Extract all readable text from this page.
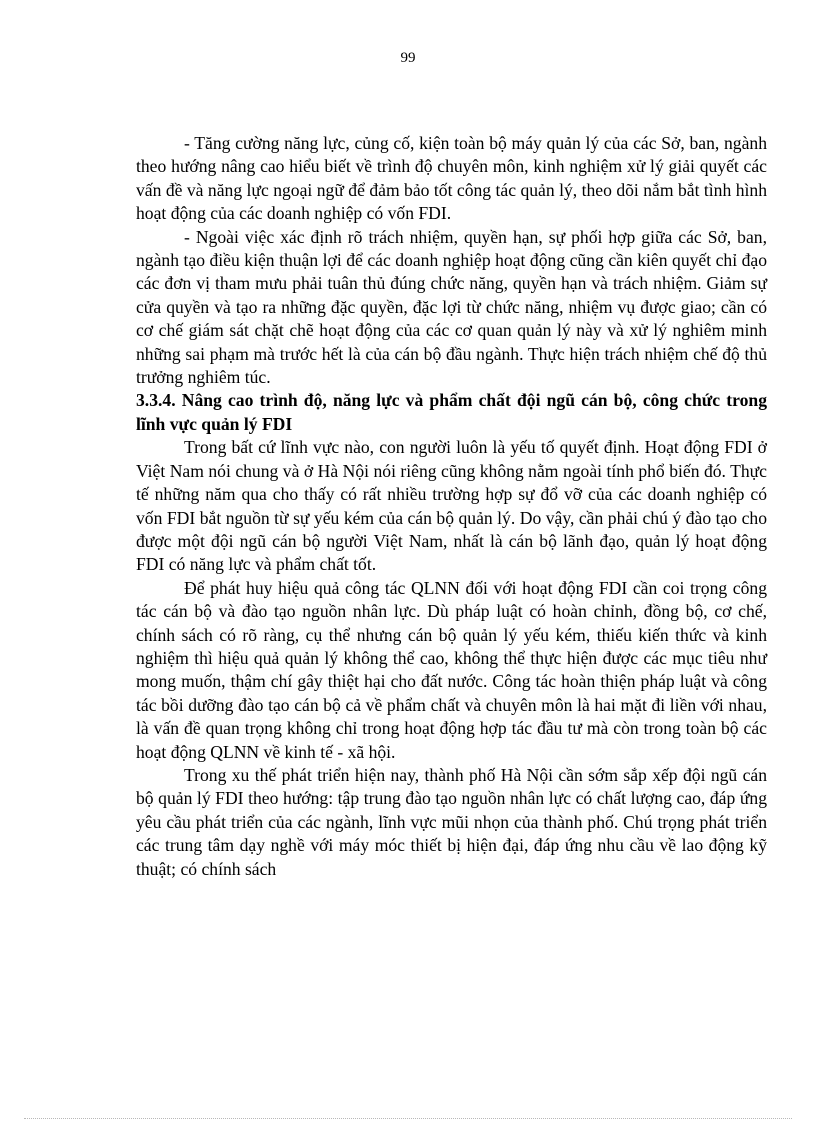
99

- Tăng cường năng lực, củng cố, kiện toàn bộ máy quản lý của các Sở, ban, ngành theo hướng nâng cao hiểu biết về trình độ chuyên môn, kinh nghiệm xử lý giải quyết các vấn đề và năng lực ngoại ngữ để đảm bảo tốt công tác quản lý, theo dõi nắm bắt tình hình hoạt động của các doanh nghiệp có vốn FDI.

- Ngoài việc xác định rõ trách nhiệm, quyền hạn, sự phối hợp giữa các Sở, ban, ngành tạo điều kiện thuận lợi để các doanh nghiệp hoạt động cũng cần kiên quyết chỉ đạo các đơn vị tham mưu phải tuân thủ đúng chức năng, quyền hạn và trách nhiệm. Giảm sự cửa quyền và tạo ra những đặc quyền, đặc lợi từ chức năng, nhiệm vụ được giao; cần có cơ chế giám sát chặt chẽ hoạt động của các cơ quan quản lý này và xử lý nghiêm minh những sai phạm mà trước hết là của cán bộ đầu ngành. Thực hiện trách nhiệm chế độ thủ trưởng nghiêm túc.

3.3.4. Nâng cao trình độ, năng lực và phẩm chất đội ngũ cán bộ, công chức trong lĩnh vực quản lý FDI

Trong bất cứ lĩnh vực nào, con người luôn là yếu tố quyết định. Hoạt động FDI ở Việt Nam nói chung và ở Hà Nội nói riêng cũng không nằm ngoài tính phổ biến đó. Thực tế những năm qua cho thấy có rất nhiều trường hợp sự đổ vỡ của các doanh nghiệp có vốn FDI bắt nguồn từ sự yếu kém của cán bộ quản lý. Do vậy, cần phải chú ý đào tạo cho được một đội ngũ cán bộ người Việt Nam, nhất là cán bộ lãnh đạo, quản lý hoạt động FDI có năng lực và phẩm chất tốt.

Để phát huy hiệu quả công tác QLNN đối với hoạt động FDI cần coi trọng công tác cán bộ và đào tạo nguồn nhân lực. Dù pháp luật có hoàn chỉnh, đồng bộ, cơ chế, chính sách có rõ ràng, cụ thể nhưng cán bộ quản lý yếu kém, thiếu kiến thức và kinh nghiệm thì hiệu quả quản lý không thể cao, không thể thực hiện được các mục tiêu như mong muốn, thậm chí gây thiệt hại cho đất nước. Công tác hoàn thiện pháp luật và công tác bồi dưỡng đào tạo cán bộ cả về phẩm chất và chuyên môn là hai mặt đi liền với nhau, là vấn đề quan trọng không chỉ trong hoạt động hợp tác đầu tư mà còn trong toàn bộ các hoạt động QLNN về kinh tế - xã hội.

Trong xu thế phát triển hiện nay, thành phố Hà Nội cần sớm sắp xếp đội ngũ cán bộ quản lý FDI theo hướng: tập trung đào tạo nguồn nhân lực có chất lượng cao, đáp ứng yêu cầu phát triển của các ngành, lĩnh vực mũi nhọn của thành phố. Chú trọng phát triển các trung tâm dạy nghề với máy móc thiết bị hiện đại, đáp ứng nhu cầu về lao động kỹ thuật; có chính sách
